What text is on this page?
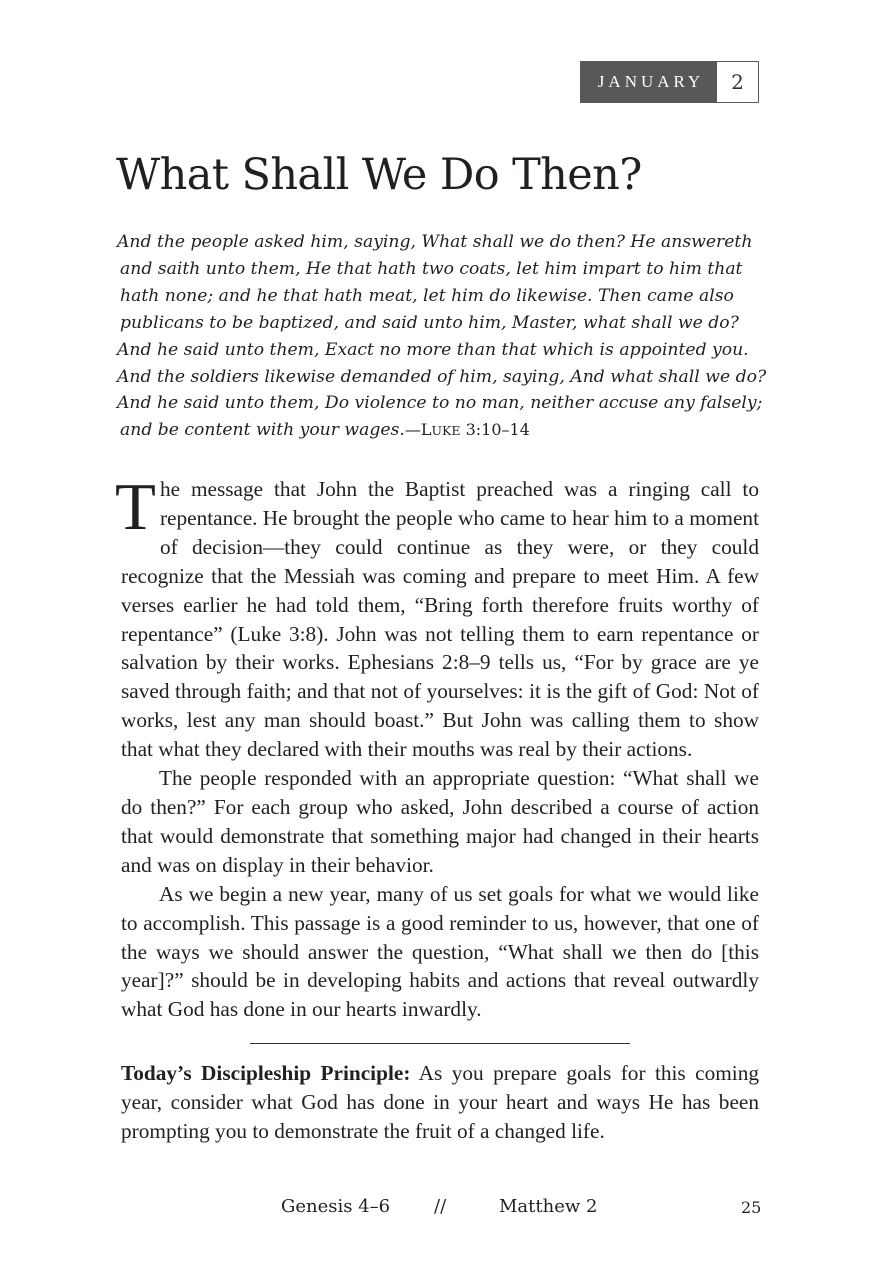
JANUARY	2
What Shall We Do Then?
And the people asked him, saying, What shall we do then? He answereth
and saith unto them, He that hath two coats, let him impart to him that
hath none; and he that hath meat, let him do likewise. Then came also
publicans to be baptized, and said unto him, Master, what shall we do?
And he said unto them, Exact no more than that which is appointed you.
And the soldiers likewise demanded of him, saying, And what shall we do?
And he said unto them, Do violence to no man, neither accuse any falsely;
and be content with your wages.—LUKE 3:10–14

The message that John the Baptist preached was a ringing call to repentance. He brought the people who came to hear him to a moment of decision—they could continue as they were, or they could recognize that the Messiah was coming and prepare to meet Him. A few verses earlier he had told them, “Bring forth therefore fruits worthy of repentance” (Luke 3:8). John was not telling them to earn repentance or salvation by their works. Ephesians 2:8–9 tells us, “For by grace are ye saved through faith; and that not of yourselves: it is the gift of God: Not of works, lest any man should boast.” But John was calling them to show that what they declared with their mouths was real by their actions.

The people responded with an appropriate question: “What shall we do then?” For each group who asked, John described a course of action that would demonstrate that something major had changed in their hearts and was on display in their behavior.

As we begin a new year, many of us set goals for what we would like to accomplish. This passage is a good reminder to us, however, that one of the ways we should answer the question, “What shall we then do [this year]?” should be in developing habits and actions that reveal outwardly what God has done in our hearts inwardly.

Today’s Discipleship Principle: As you prepare goals for this coming year, consider what God has done in your heart and ways He has been prompting you to demonstrate the fruit of a changed life.
Genesis 4–6 //	Matthew 2	25
